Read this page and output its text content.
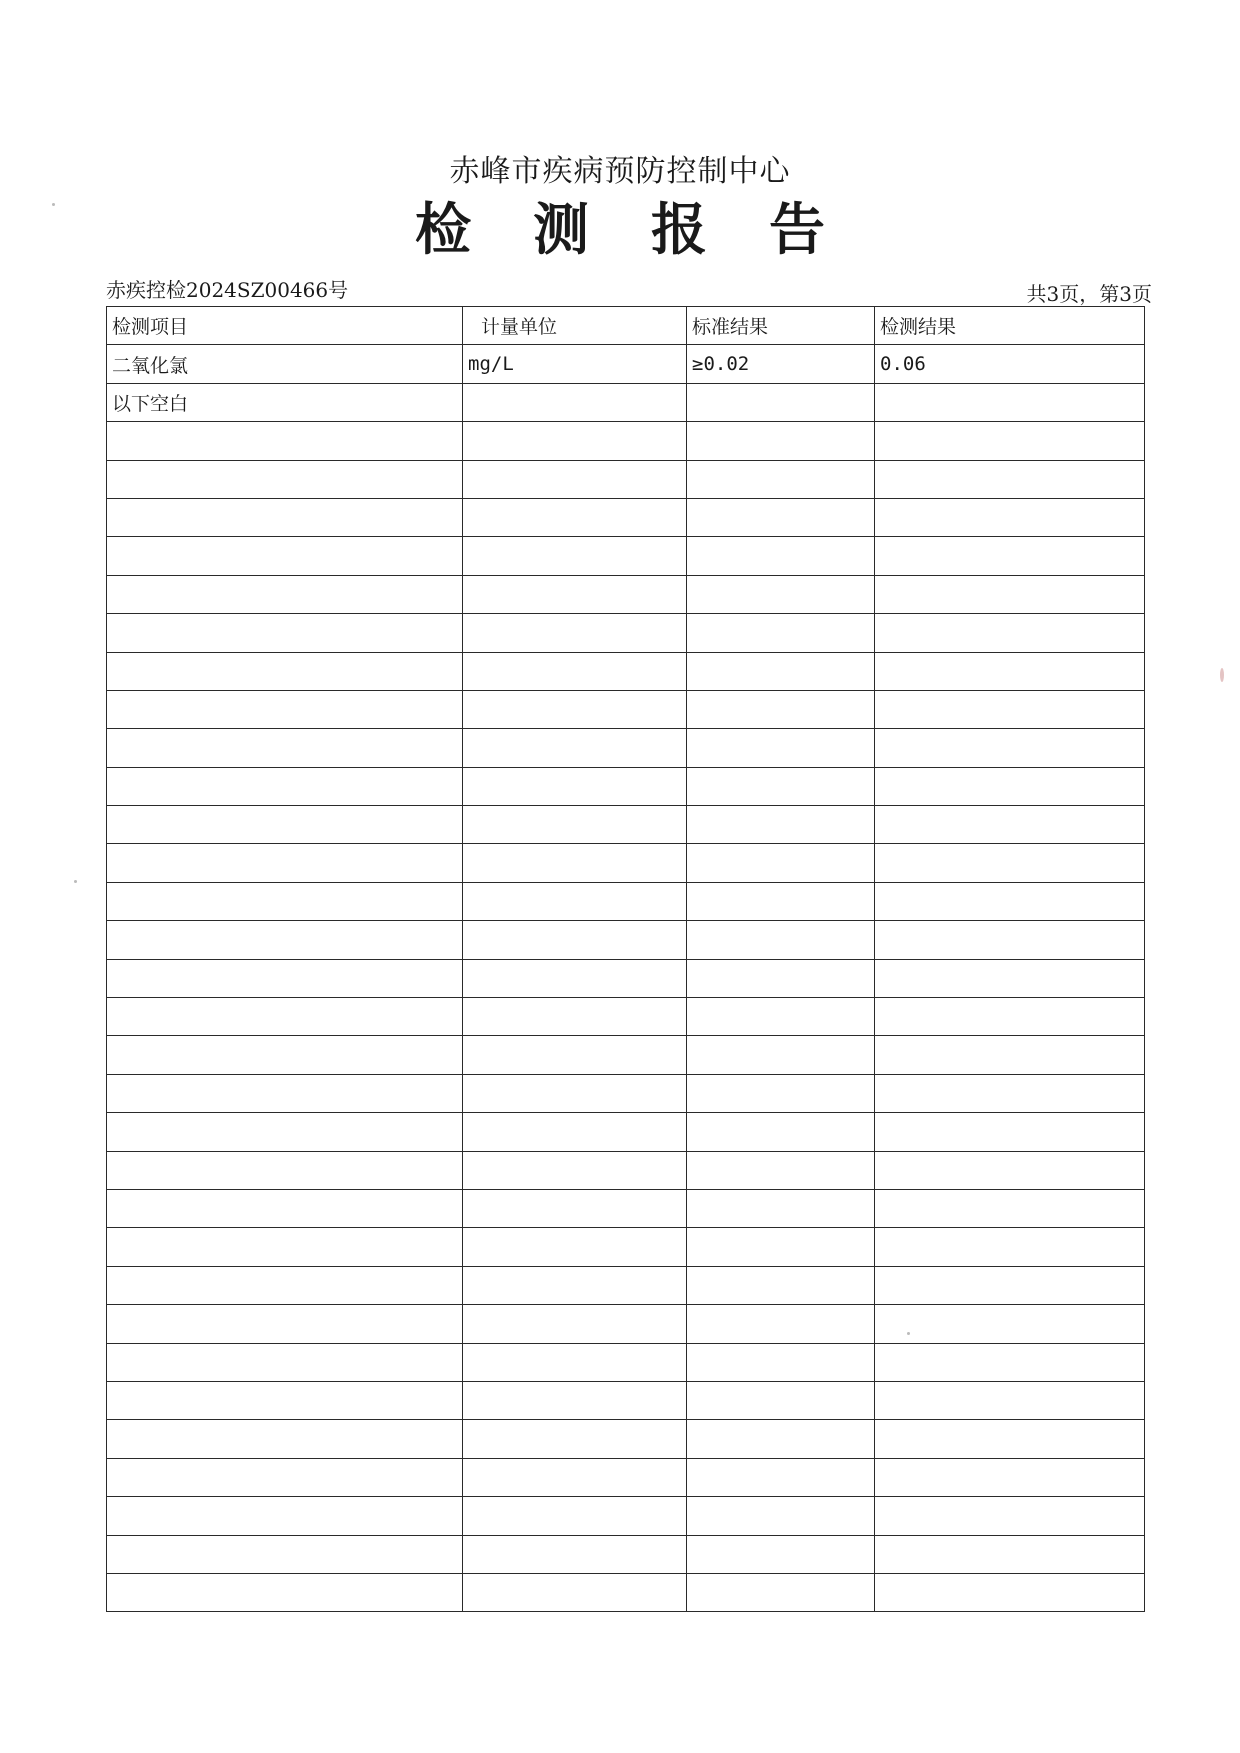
赤峰市疾病预防控制中心
检测报告
赤疾控检2024SZ00466号	共3页，第3页
检测项目	计量单位	标准结果	检测结果
二氧化氯	mg/L	≥0.02	0.06
以下空白			
